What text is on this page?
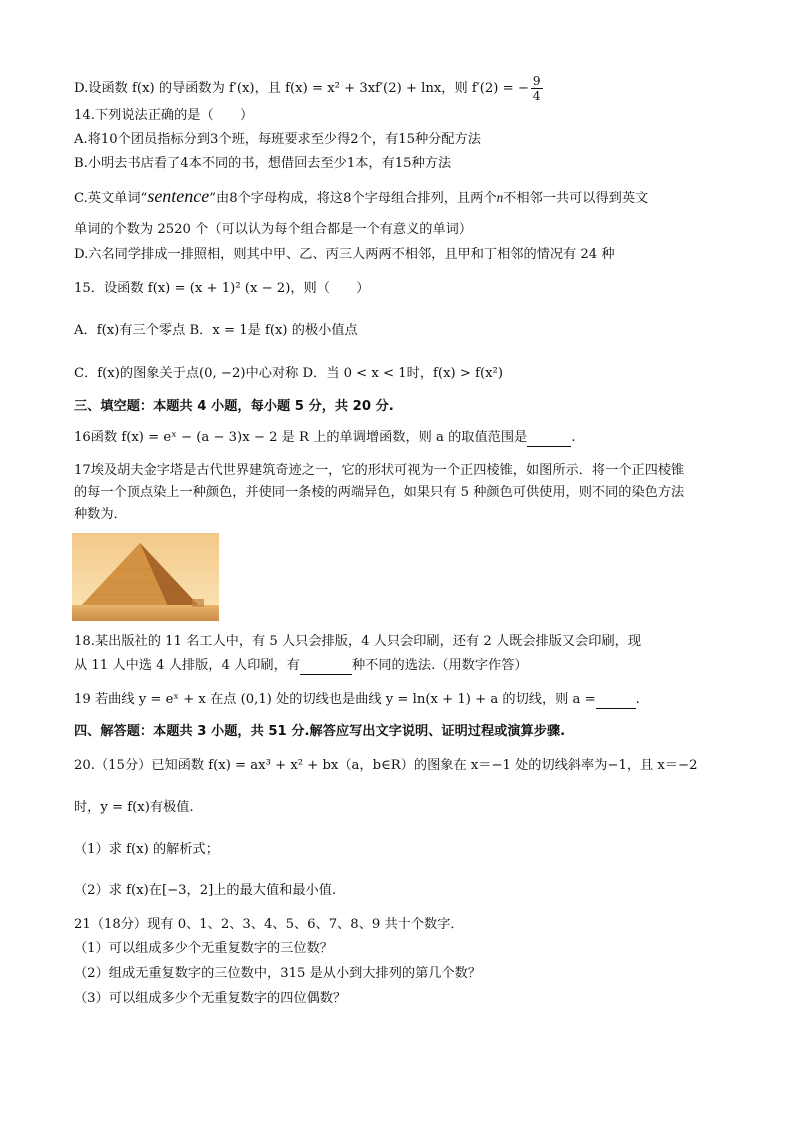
D.设函数 f(x) 的导函数为 f′(x)，且 f(x) = x² + 3xf′(2) + lnx，则 f′(2) = − $\frac{9}{4}$
14.下列说法正确的是（　　）
A.将10个团员指标分到3个班，每班要求至少得2个，有15种分配方法
B.小明去书店看了4本不同的书，想借回去至少1本，有15种方法
C.英文单词“sentence”由8个字母构成，将这8个字母组合排列，且两个n不相邻一共可以得到英文
单词的个数为 2520 个（可以认为每个组合都是一个有意义的单词）
D.六名同学排成一排照相，则其中甲、乙、丙三人两两不相邻，且甲和丁相邻的情况有 24 种
15．设函数 f(x) = (x + 1)² (x − 2)，则（　　）
A．f(x)有三个零点 B．x = 1是 f(x) 的极小值点
C．f(x)的图象关于点(0, −2)中心对称 D．当 0 < x < 1时，f(x) > f(x²)
三、填空题：本题共 4 小题，每小题 5 分，共 20 分.
16函数 f(x) = eˣ − (a − 3)x − 2 是 R 上的单调增函数，则 a 的取值范围是	.
17埃及胡夫金字塔是古代世界建筑奇迹之一，它的形状可视为一个正四棱锥，如图所示．将一个正四棱锥
的每一个顶点染上一种颜色，并使同一条棱的两端异色，如果只有 5 种颜色可供使用，则不同的染色方法
种数为．
18.某出版社的 11 名工人中，有 5 人只会排版，4 人只会印刷，还有 2 人既会排版又会印刷，现
从 11 人中选 4 人排版，4 人印刷，有	种不同的选法.（用数字作答）
19 若曲线 y = eˣ + x 在点 (0,1) 处的切线也是曲线 y = ln(x + 1) + a 的切线，则 a =	.
四、解答题：本题共 3 小题，共 51 分.解答应写出文字说明、证明过程或演算步骤.
20.（15分）已知函数 f(x) = ax³ + x² + bx（a，b∈R）的图象在 x＝−1 处的切线斜率为−1，且 x＝−2
时，y = f(x)有极值.
（1）求 f(x) 的解析式；
（2）求 f(x)在[−3，2]上的最大值和最小值.
21（18分）现有 0、1、2、3、4、5、6、7、8、9 共十个数字．
（1）可以组成多少个无重复数字的三位数？
（2）组成无重复数字的三位数中，315 是从小到大排列的第几个数？
（3）可以组成多少个无重复数字的四位偶数？
